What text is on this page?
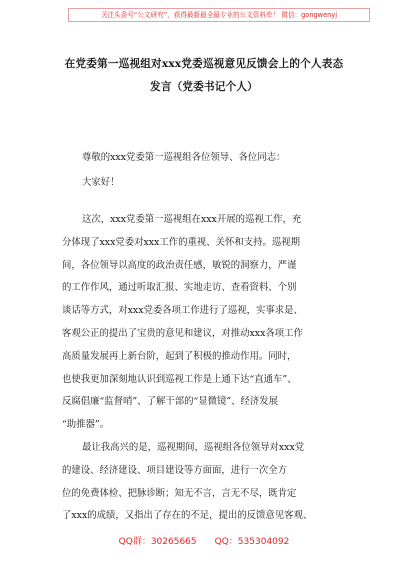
关注头条号“公文研究”，获得最新最全最专业的公文资料库！ 微信：gongwenyj
在党委第一巡视组对xxx党委巡视意见反馈会上的个人表态
发言（党委书记个人）

尊敬的xxx党委第一巡视组各位领导、各位同志：

大家好！

这次，xxx党委第一巡视组在xxx开展的巡视工作，充
分体现了xxx党委对xxx工作的重视、关怀和支持。巡视期
间，各位领导以高度的政治责任感，敏锐的洞察力，严谨
的工作作风，通过听取汇报、实地走访、查看资料、个别
谈话等方式，对xxx党委各项工作进行了巡视，实事求是、
客观公正的提出了宝贵的意见和建议，对推动xxx各项工作
高质量发展再上新台阶，起到了积极的推动作用。同时，
也使我更加深刻地认识到巡视工作是上通下达“直通车”、
反腐倡廉“监督哨”、了解干部的“显微镜”、经济发展
“助推器”。

最让我高兴的是，巡视期间，巡视组各位领导对xxx党
的建设、经济建设、项目建设等方面面，进行一次全方
位的免费体检、把脉诊断；知无不言，言无不尽，既肯定
了xxx的成绩，又指出了存在的不足，提出的反馈意见客观、

QQ群：30265665 QQ：535304092
